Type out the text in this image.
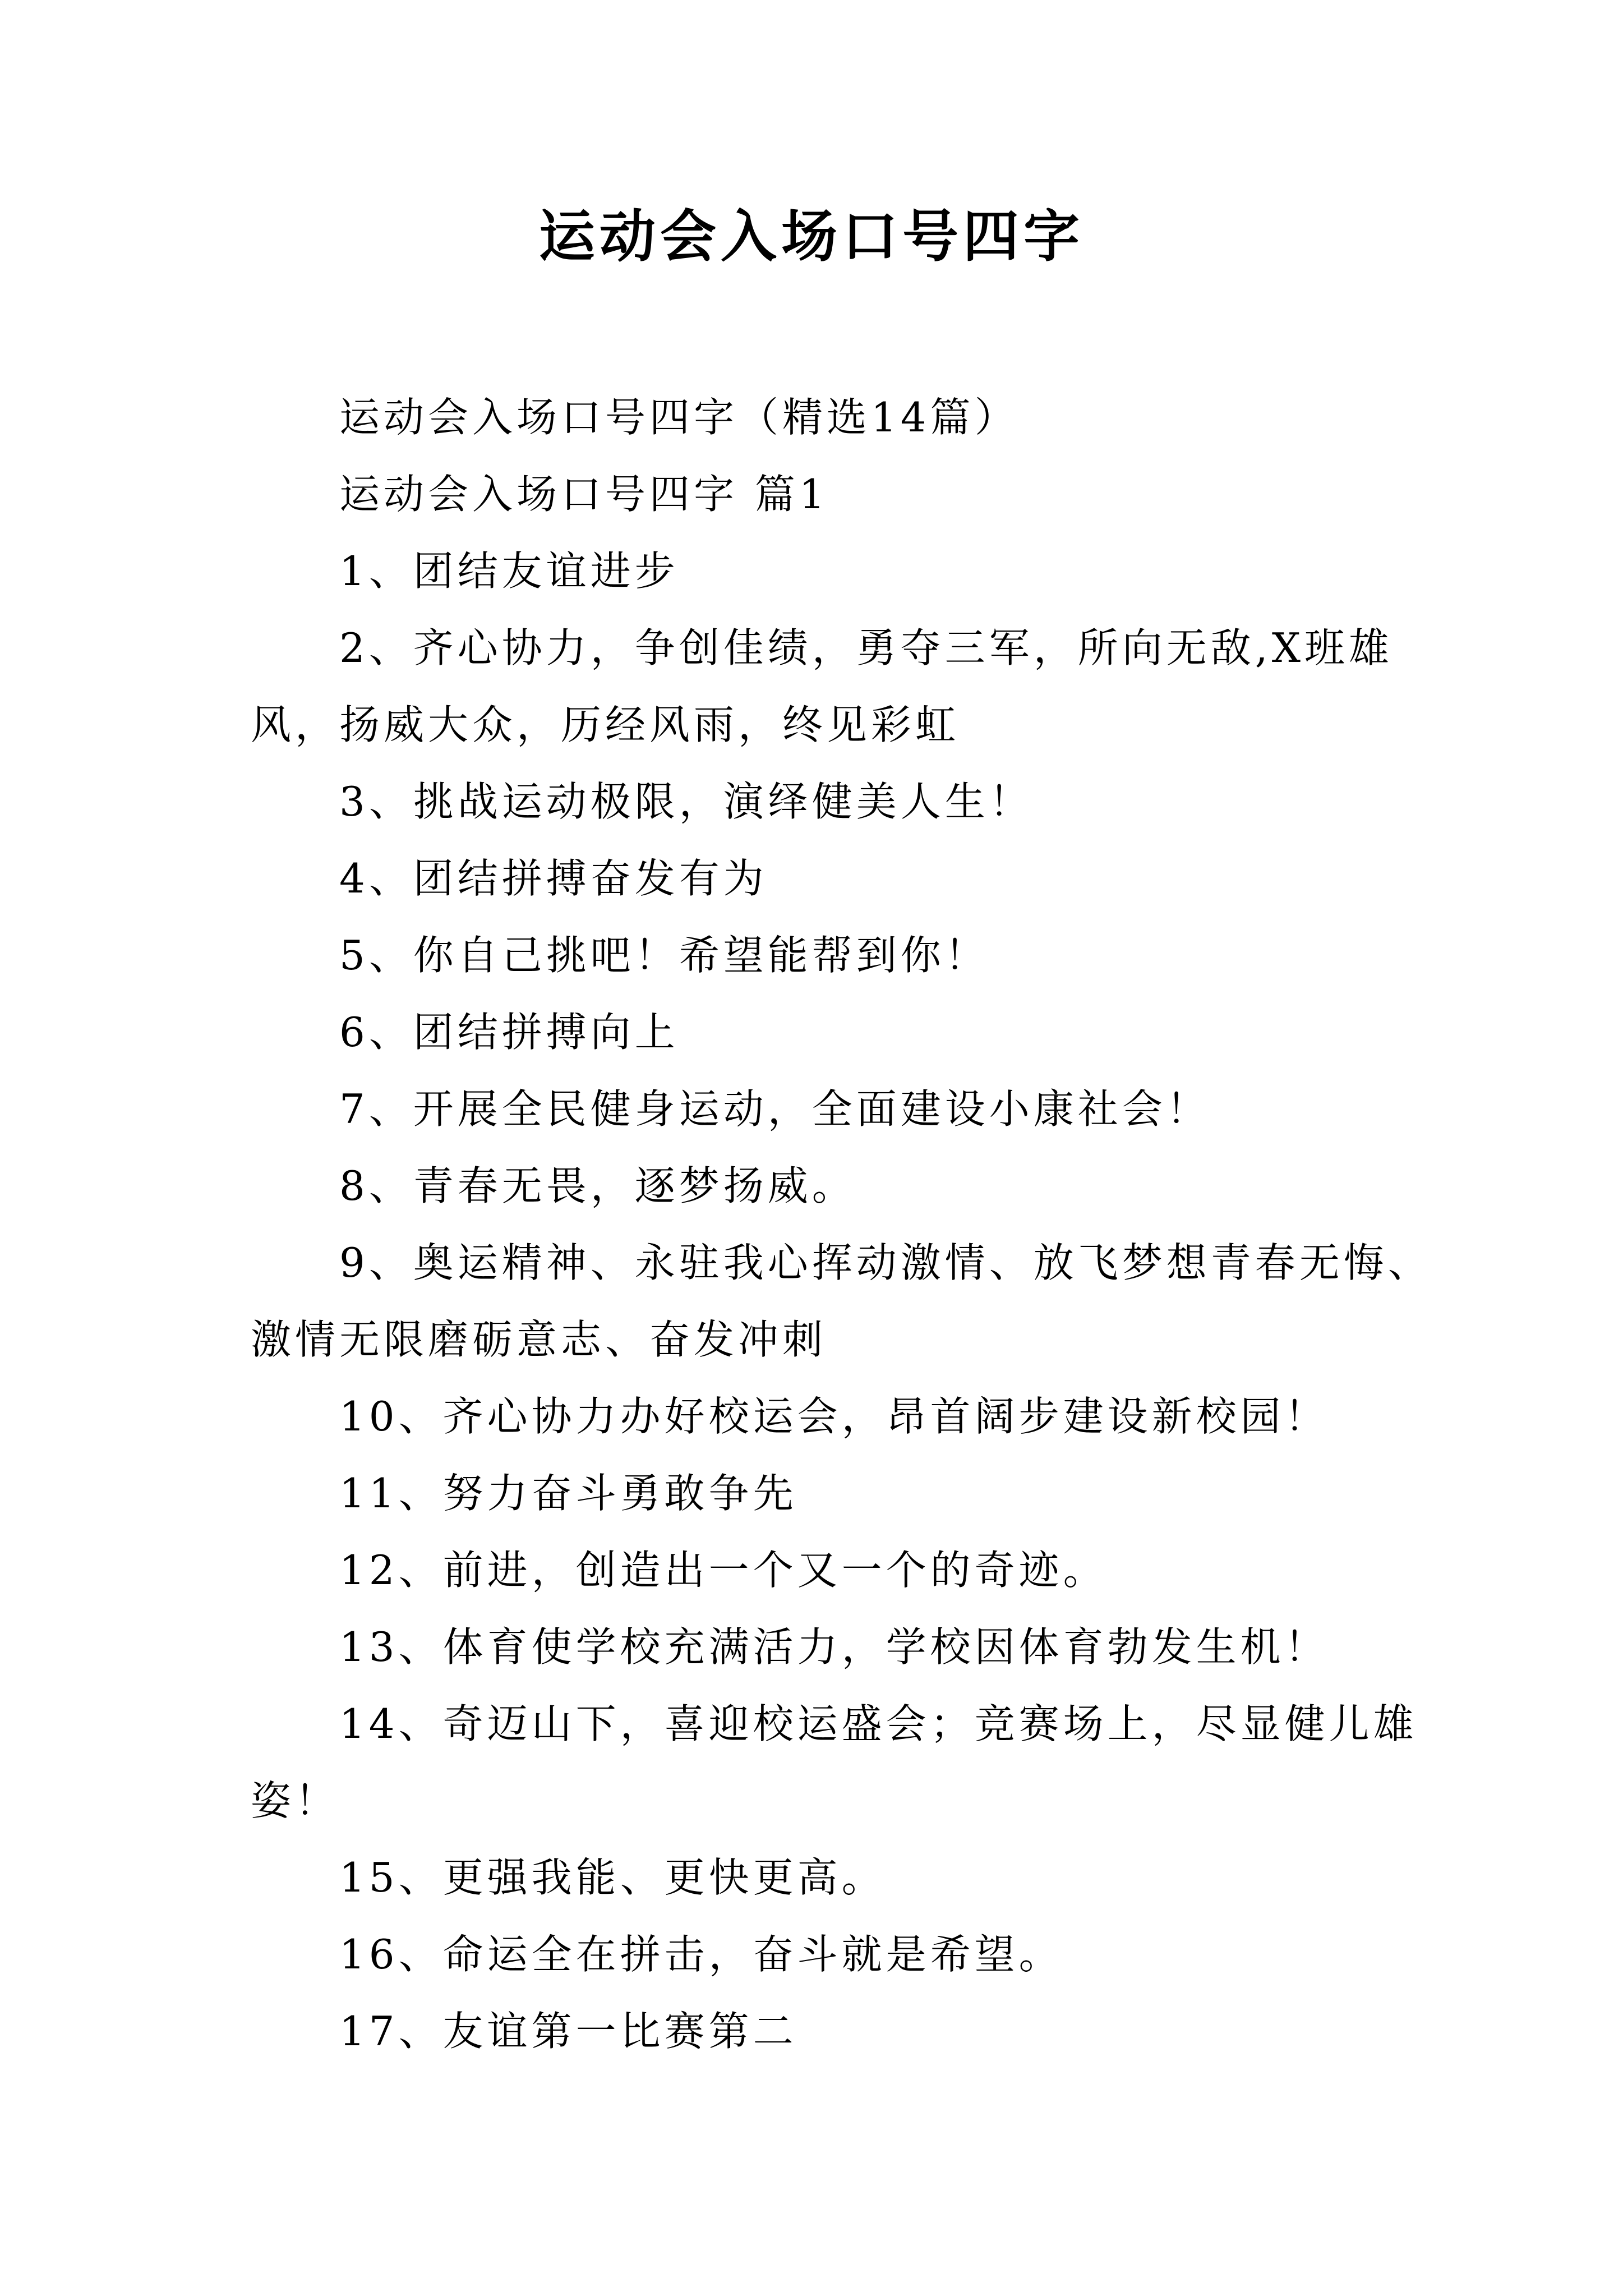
运动会入场口号四字
运动会入场口号四字（精选14篇）
运动会入场口号四字 篇1
1、团结友谊进步
2、齐心协力，争创佳绩，勇夺三军，所向无敌,X班雄
风，扬威大众，历经风雨，终见彩虹
3、挑战运动极限，演绎健美人生！
4、团结拼搏奋发有为
5、你自己挑吧！希望能帮到你！
6、团结拼搏向上
7、开展全民健身运动，全面建设小康社会！
8、青春无畏，逐梦扬威。
9、奥运精神、永驻我心挥动激情、放飞梦想青春无悔、
激情无限磨砺意志、奋发冲刺
10、齐心协力办好校运会，昂首阔步建设新校园！
11、努力奋斗勇敢争先
12、前进，创造出一个又一个的奇迹。
13、体育使学校充满活力，学校因体育勃发生机！
14、奇迈山下，喜迎校运盛会；竞赛场上，尽显健儿雄
姿！
15、更强我能、更快更高。
16、命运全在拼击，奋斗就是希望。
17、友谊第一比赛第二
